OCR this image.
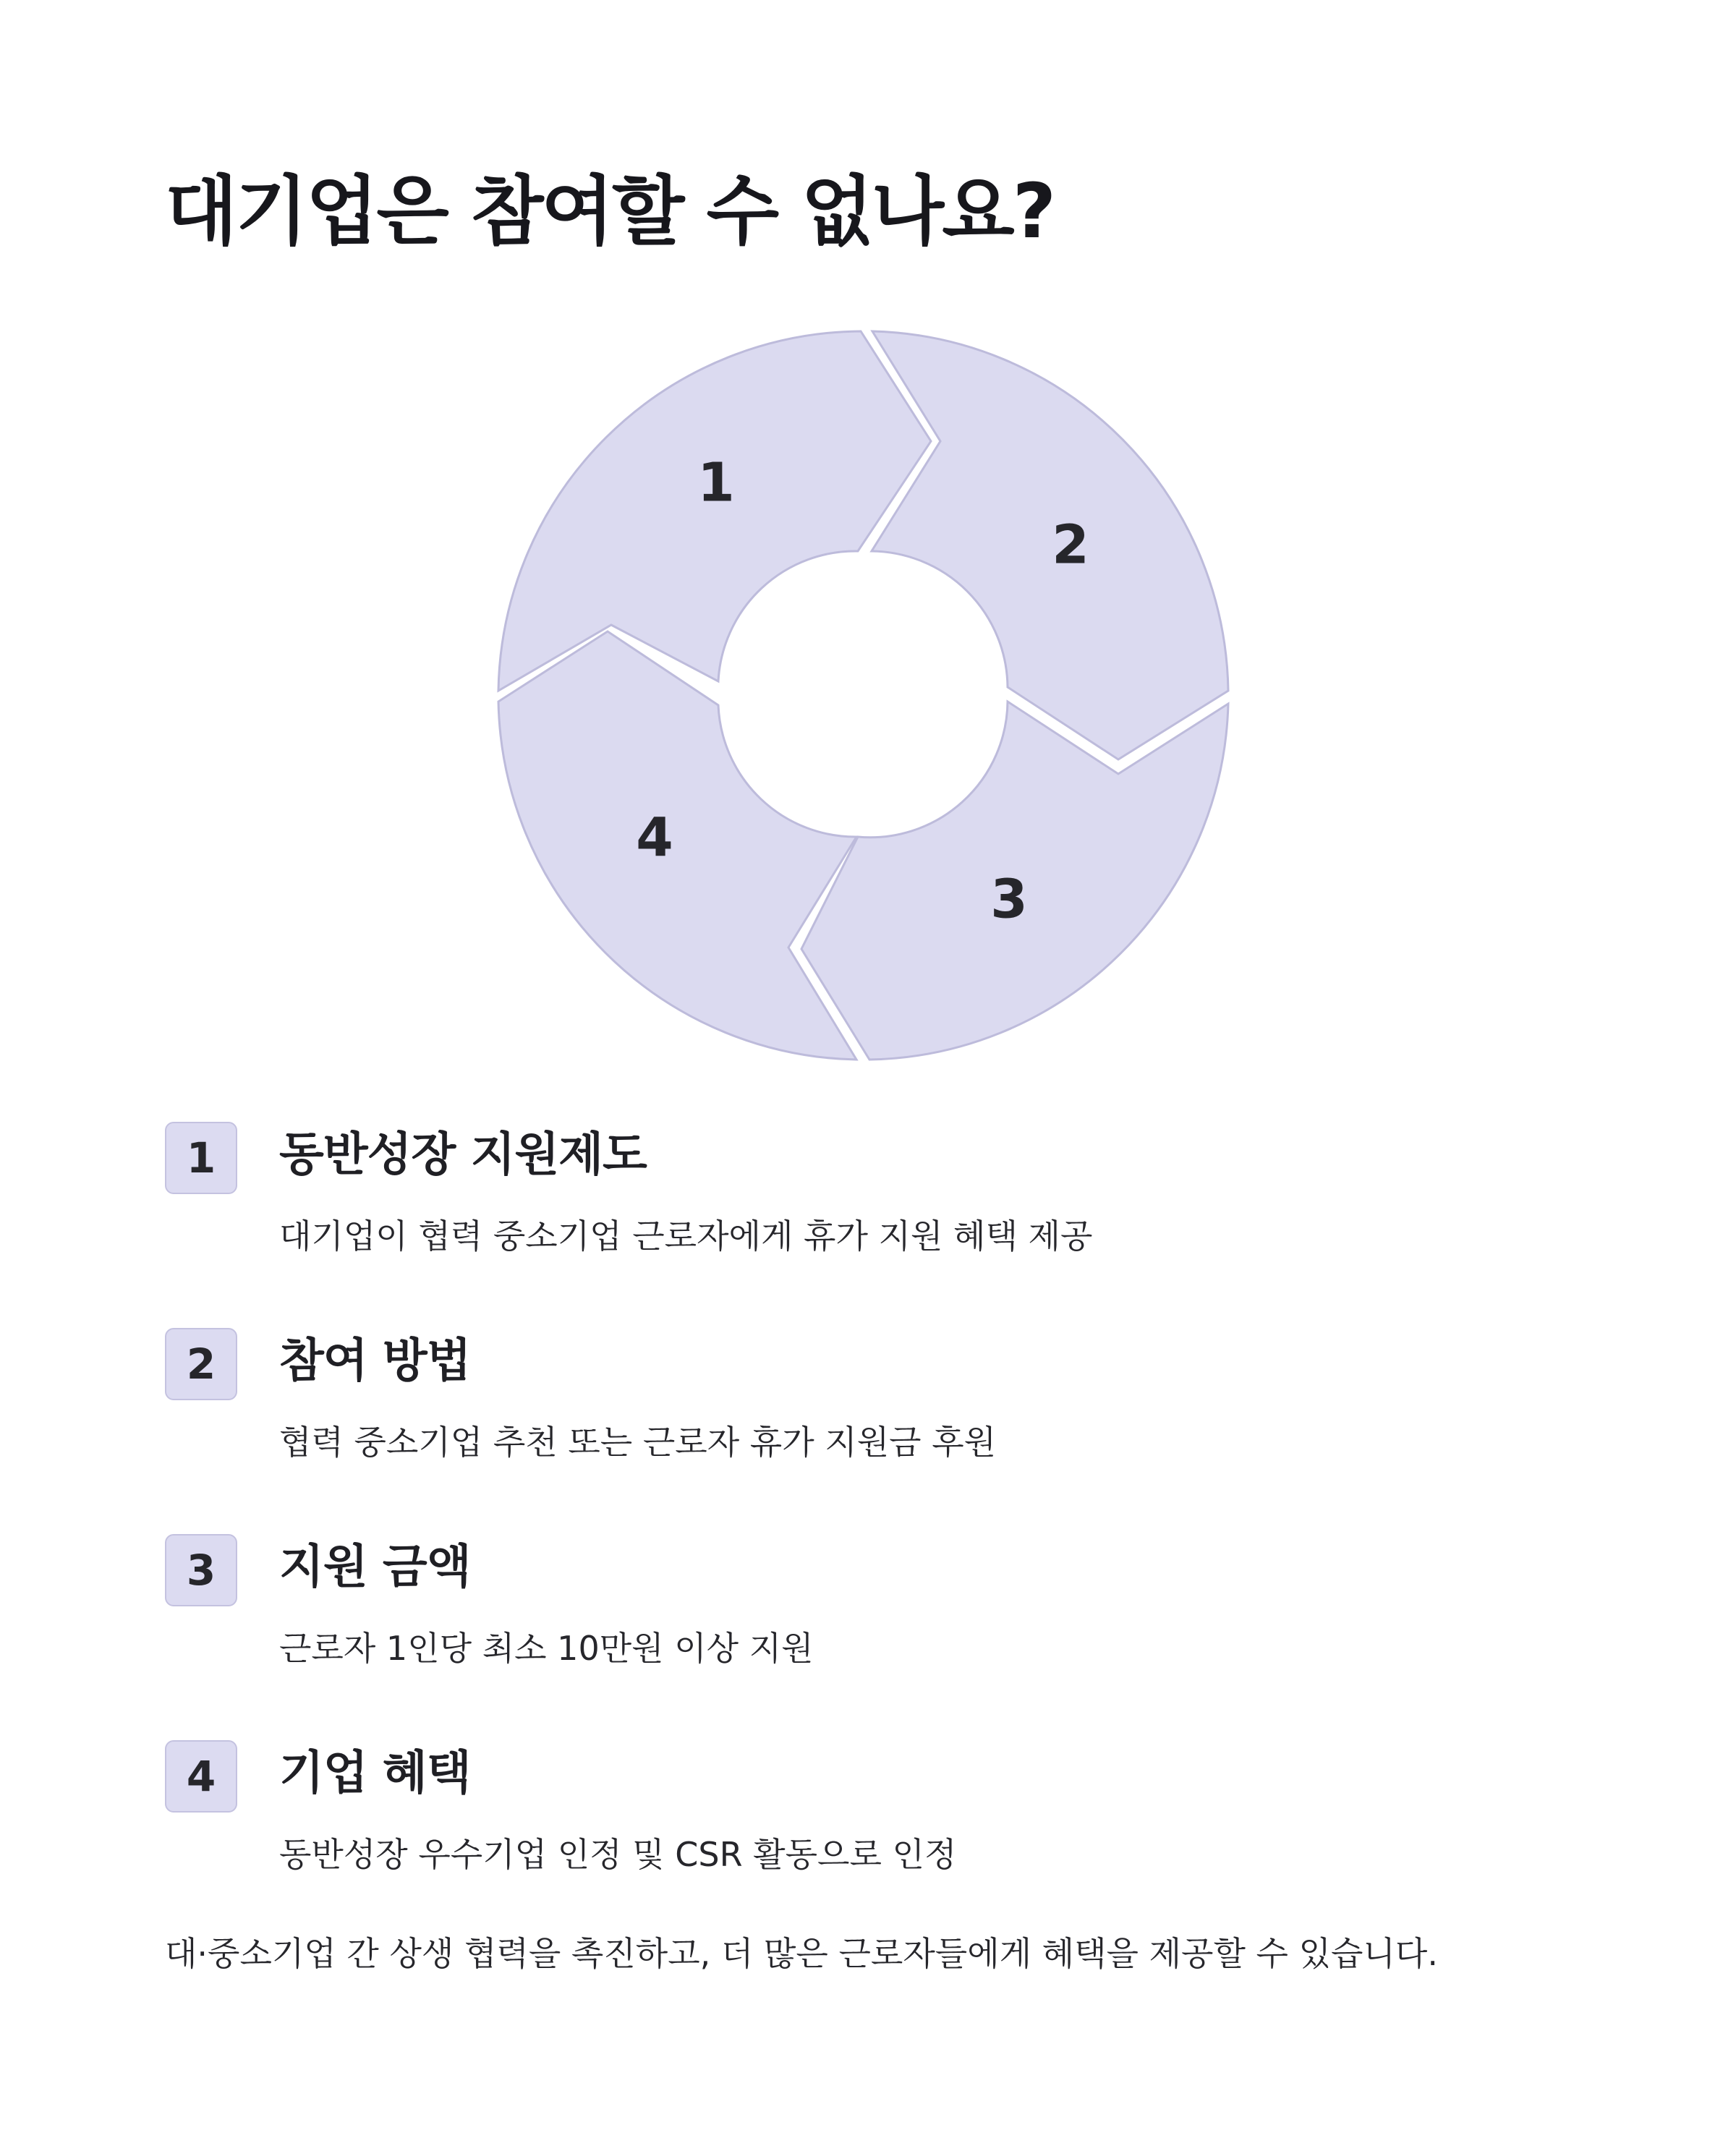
대기업은 참여할 수 없나요?
1
2
3
4
1	동반성장 지원제도
대기업이 협력 중소기업 근로자에게 휴가 지원 혜택 제공
2	참여 방법
협력 중소기업 추천 또는 근로자 휴가 지원금 후원
3	지원 금액
근로자 1인당 최소 10만원 이상 지원
4	기업 혜택
동반성장 우수기업 인정 및 CSR 활동으로 인정
대·중소기업 간 상생 협력을 촉진하고, 더 많은 근로자들에게 혜택을 제공할 수 있습니다.
